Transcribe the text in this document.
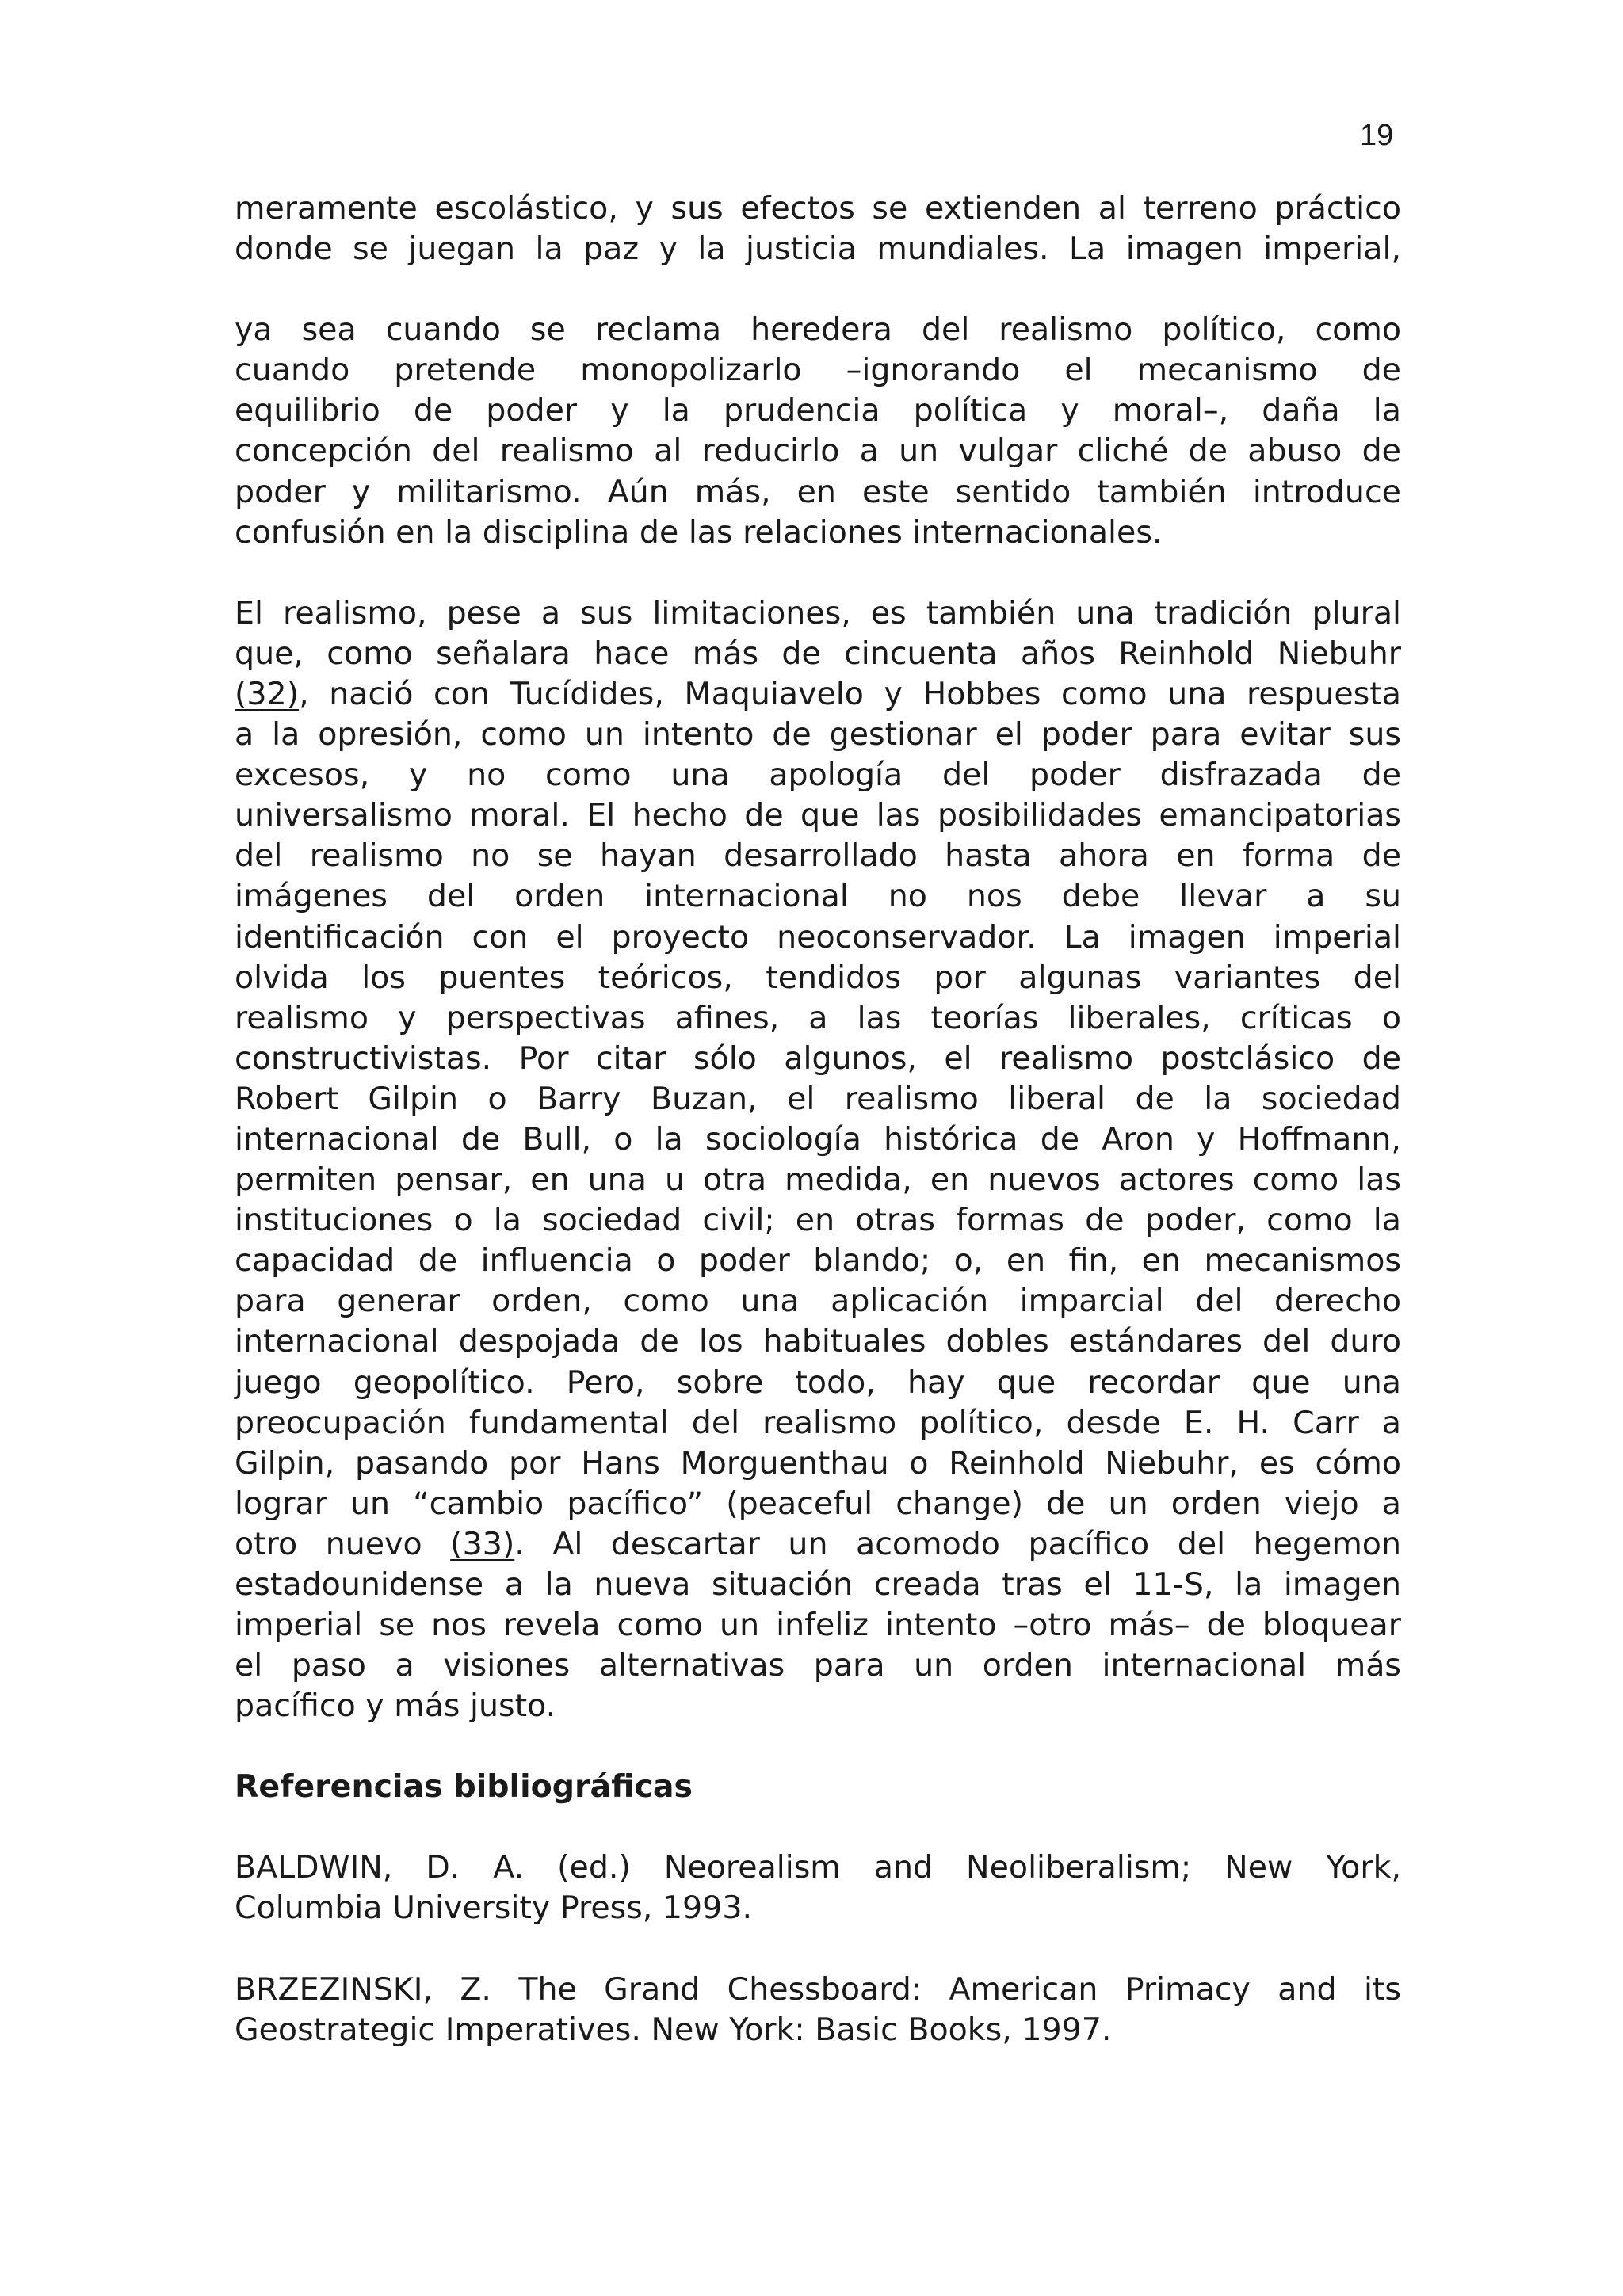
19

meramente escolástico, y sus efectos se extienden al terreno práctico
donde se juegan la paz y la justicia mundiales. La imagen imperial,

ya sea cuando se reclama heredera del realismo político, como
cuando pretende monopolizarlo –ignorando el mecanismo de
equilibrio de poder y la prudencia política y moral–, daña la
concepción del realismo al reducirlo a un vulgar cliché de abuso de
poder y militarismo. Aún más, en este sentido también introduce
confusión en la disciplina de las relaciones internacionales.

El realismo, pese a sus limitaciones, es también una tradición plural
que, como señalara hace más de cincuenta años Reinhold Niebuhr
(32), nació con Tucídides, Maquiavelo y Hobbes como una respuesta
a la opresión, como un intento de gestionar el poder para evitar sus
excesos, y no como una apología del poder disfrazada de
universalismo moral. El hecho de que las posibilidades emancipatorias
del realismo no se hayan desarrollado hasta ahora en forma de
imágenes del orden internacional no nos debe llevar a su
identificación con el proyecto neoconservador. La imagen imperial
olvida los puentes teóricos, tendidos por algunas variantes del
realismo y perspectivas afines, a las teorías liberales, críticas o
constructivistas. Por citar sólo algunos, el realismo postclásico de
Robert Gilpin o Barry Buzan, el realismo liberal de la sociedad
internacional de Bull, o la sociología histórica de Aron y Hoffmann,
permiten pensar, en una u otra medida, en nuevos actores como las
instituciones o la sociedad civil; en otras formas de poder, como la
capacidad de influencia o poder blando; o, en fin, en mecanismos
para generar orden, como una aplicación imparcial del derecho
internacional despojada de los habituales dobles estándares del duro
juego geopolítico. Pero, sobre todo, hay que recordar que una
preocupación fundamental del realismo político, desde E. H. Carr a
Gilpin, pasando por Hans Morguenthau o Reinhold Niebuhr, es cómo
lograr un “cambio pacífico” (peaceful change) de un orden viejo a
otro nuevo (33). Al descartar un acomodo pacífico del hegemon
estadounidense a la nueva situación creada tras el 11-S, la imagen
imperial se nos revela como un infeliz intento –otro más– de bloquear
el paso a visiones alternativas para un orden internacional más
pacífico y más justo.

Referencias bibliográficas

BALDWIN, D. A. (ed.) Neorealism and Neoliberalism; New York,
Columbia University Press, 1993.

BRZEZINSKI, Z. The Grand Chessboard: American Primacy and its
Geostrategic Imperatives. New York: Basic Books, 1997.
